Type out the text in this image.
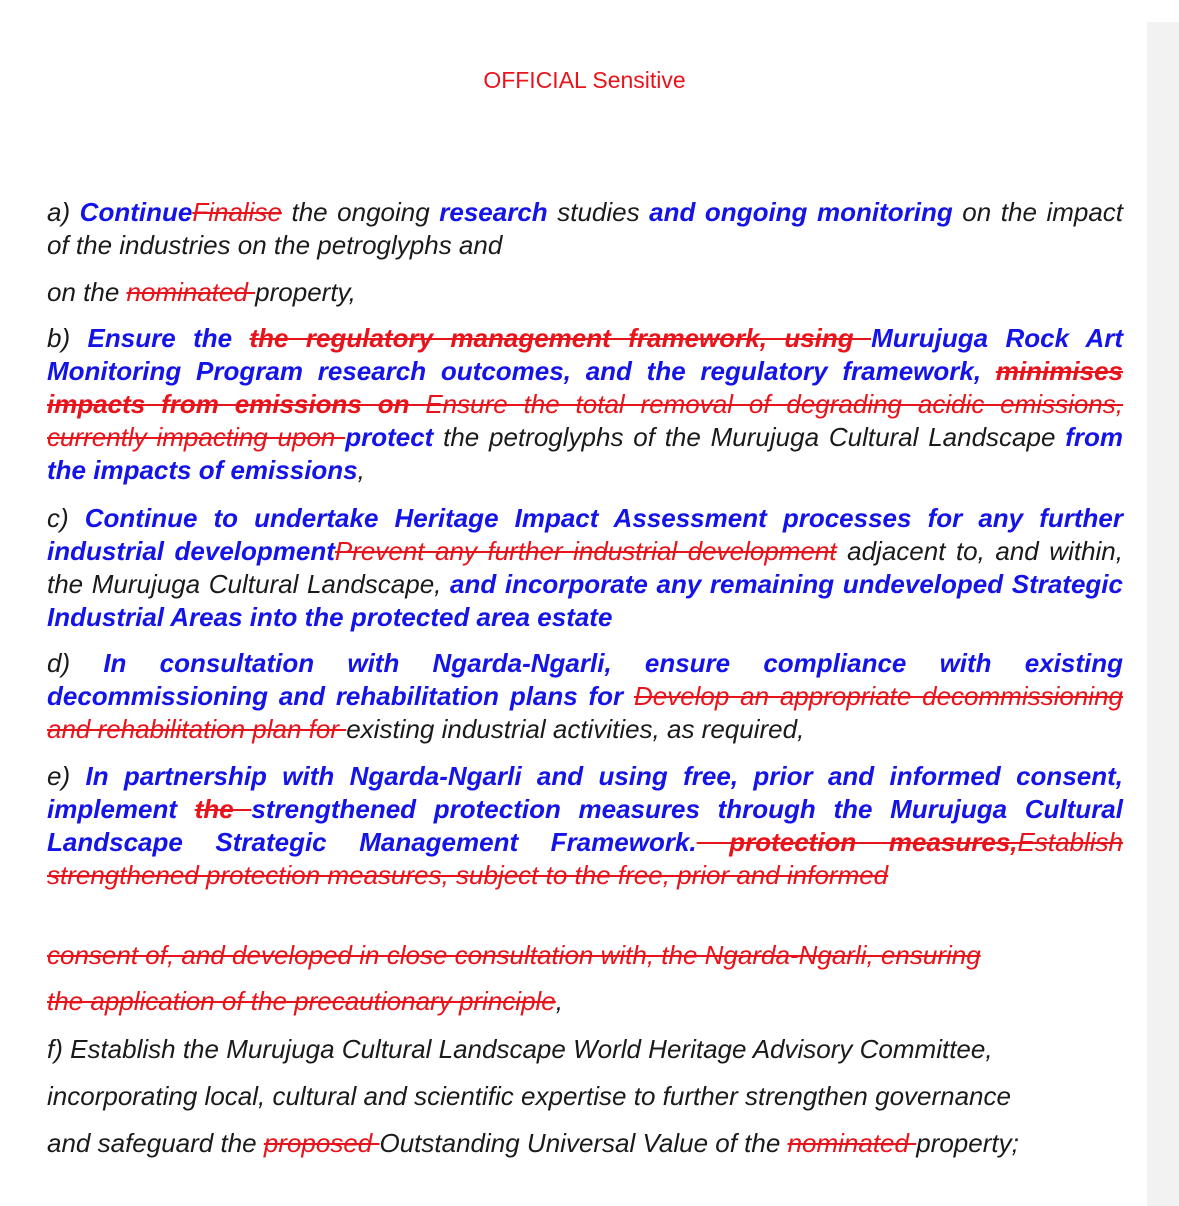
OFFICIAL Sensitive

a) ContinueFinalise the ongoing research studies and ongoing monitoring on the impact of the industries on the petroglyphs and

on the nominated property,

b) Ensure the the regulatory management framework, using Murujuga Rock Art Monitoring Program research outcomes, and the regulatory framework, minimises impacts from emissions on Ensure the total removal of degrading acidic emissions, currently impacting upon protect the petroglyphs of the Murujuga Cultural Landscape from the impacts of emissions,

c) Continue to undertake Heritage Impact Assessment processes for any further industrial developmentPrevent any further industrial development adjacent to, and within, the Murujuga Cultural Landscape, and incorporate any remaining undeveloped Strategic Industrial Areas into the protected area estate

d) In consultation with Ngarda-Ngarli, ensure compliance with existing decommissioning and rehabilitation plans for Develop an appropriate decommissioning and rehabilitation plan for existing industrial activities, as required,

e) In partnership with Ngarda-Ngarli and using free, prior and informed consent, implement the strengthened protection measures through the Murujuga Cultural Landscape Strategic Management Framework. protection measures,Establish strengthened protection measures, subject to the free, prior and informed

consent of, and developed in close consultation with, the Ngarda-Ngarli, ensuring

the application of the precautionary principle,

f) Establish the Murujuga Cultural Landscape World Heritage Advisory Committee,

incorporating local, cultural and scientific expertise to further strengthen governance

and safeguard the proposed Outstanding Universal Value of the nominated property;
